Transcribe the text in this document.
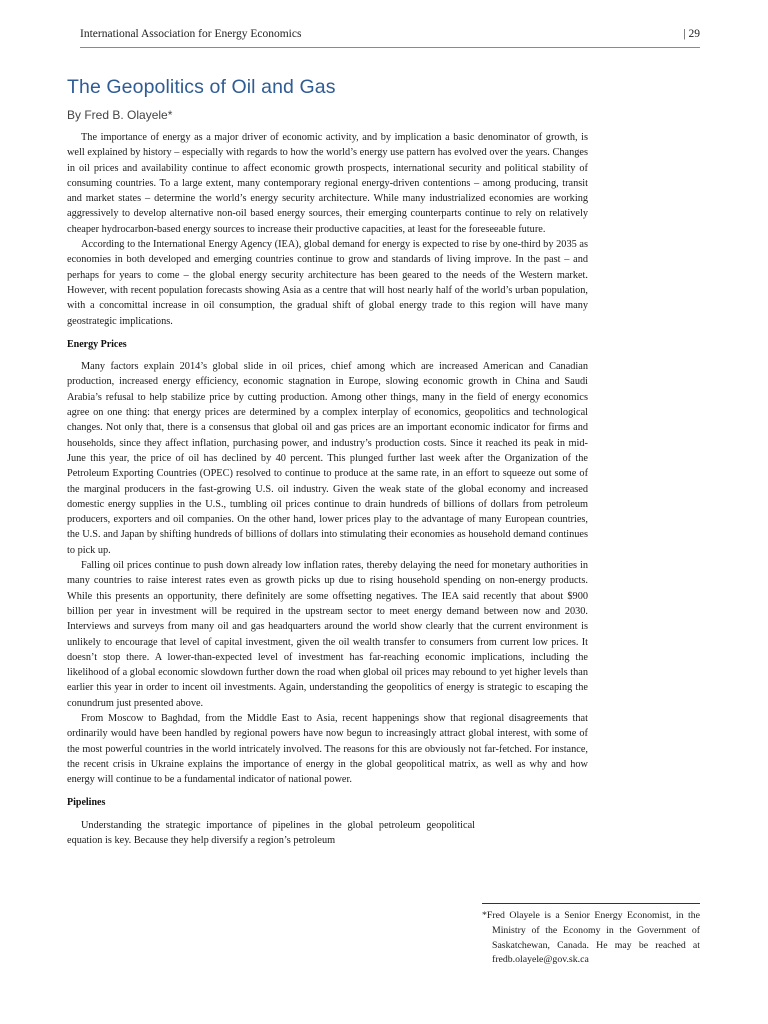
International Association for Energy Economics	| 29
The Geopolitics of Oil and Gas
By Fred B. Olayele*

The importance of energy as a major driver of economic activity, and by implication a basic denominator of growth, is well explained by history – especially with regards to how the world’s energy use pattern has evolved over the years. Changes in oil prices and availability continue to affect economic growth prospects, international security and political stability of consuming countries. To a large extent, many contemporary regional energy-driven contentions – among producing, transit and market states – determine the world’s energy security architecture. While many industrialized economies are working aggressively to develop alternative non-oil based energy sources, their emerging counterparts continue to rely on relatively cheaper hydrocarbon-based energy sources to increase their productive capacities, at least for the foreseeable future.

According to the International Energy Agency (IEA), global demand for energy is expected to rise by one-third by 2035 as economies in both developed and emerging countries continue to grow and standards of living improve. In the past – and perhaps for years to come – the global energy security architecture has been geared to the needs of the Western market. However, with recent population forecasts showing Asia as a centre that will host nearly half of the world’s urban population, with a concomittal increase in oil consumption, the gradual shift of global energy trade to this region will have many geostrategic implications.

Energy Prices

Many factors explain 2014’s global slide in oil prices, chief among which are increased American and Canadian production, increased energy efficiency, economic stagnation in Europe, slowing economic growth in China and Saudi Arabia’s refusal to help stabilize price by cutting production. Among other things, many in the field of energy economics agree on one thing: that energy prices are determined by a complex interplay of economics, geopolitics and technological changes. Not only that, there is a consensus that global oil and gas prices are an important economic indicator for firms and households, since they affect inflation, purchasing power, and industry’s production costs. Since it reached its peak in mid-June this year, the price of oil has declined by 40 percent. This plunged further last week after the Organization of the Petroleum Exporting Countries (OPEC) resolved to continue to produce at the same rate, in an effort to squeeze out some of the marginal producers in the fast-growing U.S. oil industry. Given the weak state of the global economy and increased domestic energy supplies in the U.S., tumbling oil prices continue to drain hundreds of billions of dollars from petroleum producers, exporters and oil companies. On the other hand, lower prices play to the advantage of many European countries, the U.S. and Japan by shifting hundreds of billions of dollars into stimulating their economies as household demand continues to pick up.

Falling oil prices continue to push down already low inflation rates, thereby delaying the need for monetary authorities in many countries to raise interest rates even as growth picks up due to rising household spending on non-energy products. While this presents an opportunity, there definitely are some offsetting negatives. The IEA said recently that about $900 billion per year in investment will be required in the upstream sector to meet energy demand between now and 2030. Interviews and surveys from many oil and gas headquarters around the world show clearly that the current environment is unlikely to encourage that level of capital investment, given the oil wealth transfer to consumers from current low prices. It doesn’t stop there. A lower-than-expected level of investment has far-reaching economic implications, including the likelihood of a global economic slowdown further down the road when global oil prices may rebound to yet higher levels than earlier this year in order to incent oil investments. Again, understanding the geopolitics of energy is strategic to escaping the conundrum just presented above.

From Moscow to Baghdad, from the Middle East to Asia, recent happenings show that regional disagreements that ordinarily would have been handled by regional powers have now begun to increasingly attract global interest, with some of the most powerful countries in the world intricately involved. The reasons for this are obviously not far-fetched. For instance, the recent crisis in Ukraine explains the importance of energy in the global geopolitical matrix, as well as why and how energy will continue to be a fundamental indicator of national power.

Pipelines

Understanding the strategic importance of pipelines in the global petroleum geopolitical equation is key. Because they help diversify a region’s petroleum

*Fred Olayele is a Senior Energy Economist, in the Ministry of the Economy in the Government of Saskatchewan, Canada. He may be reached at fredb.olayele@gov.sk.ca
